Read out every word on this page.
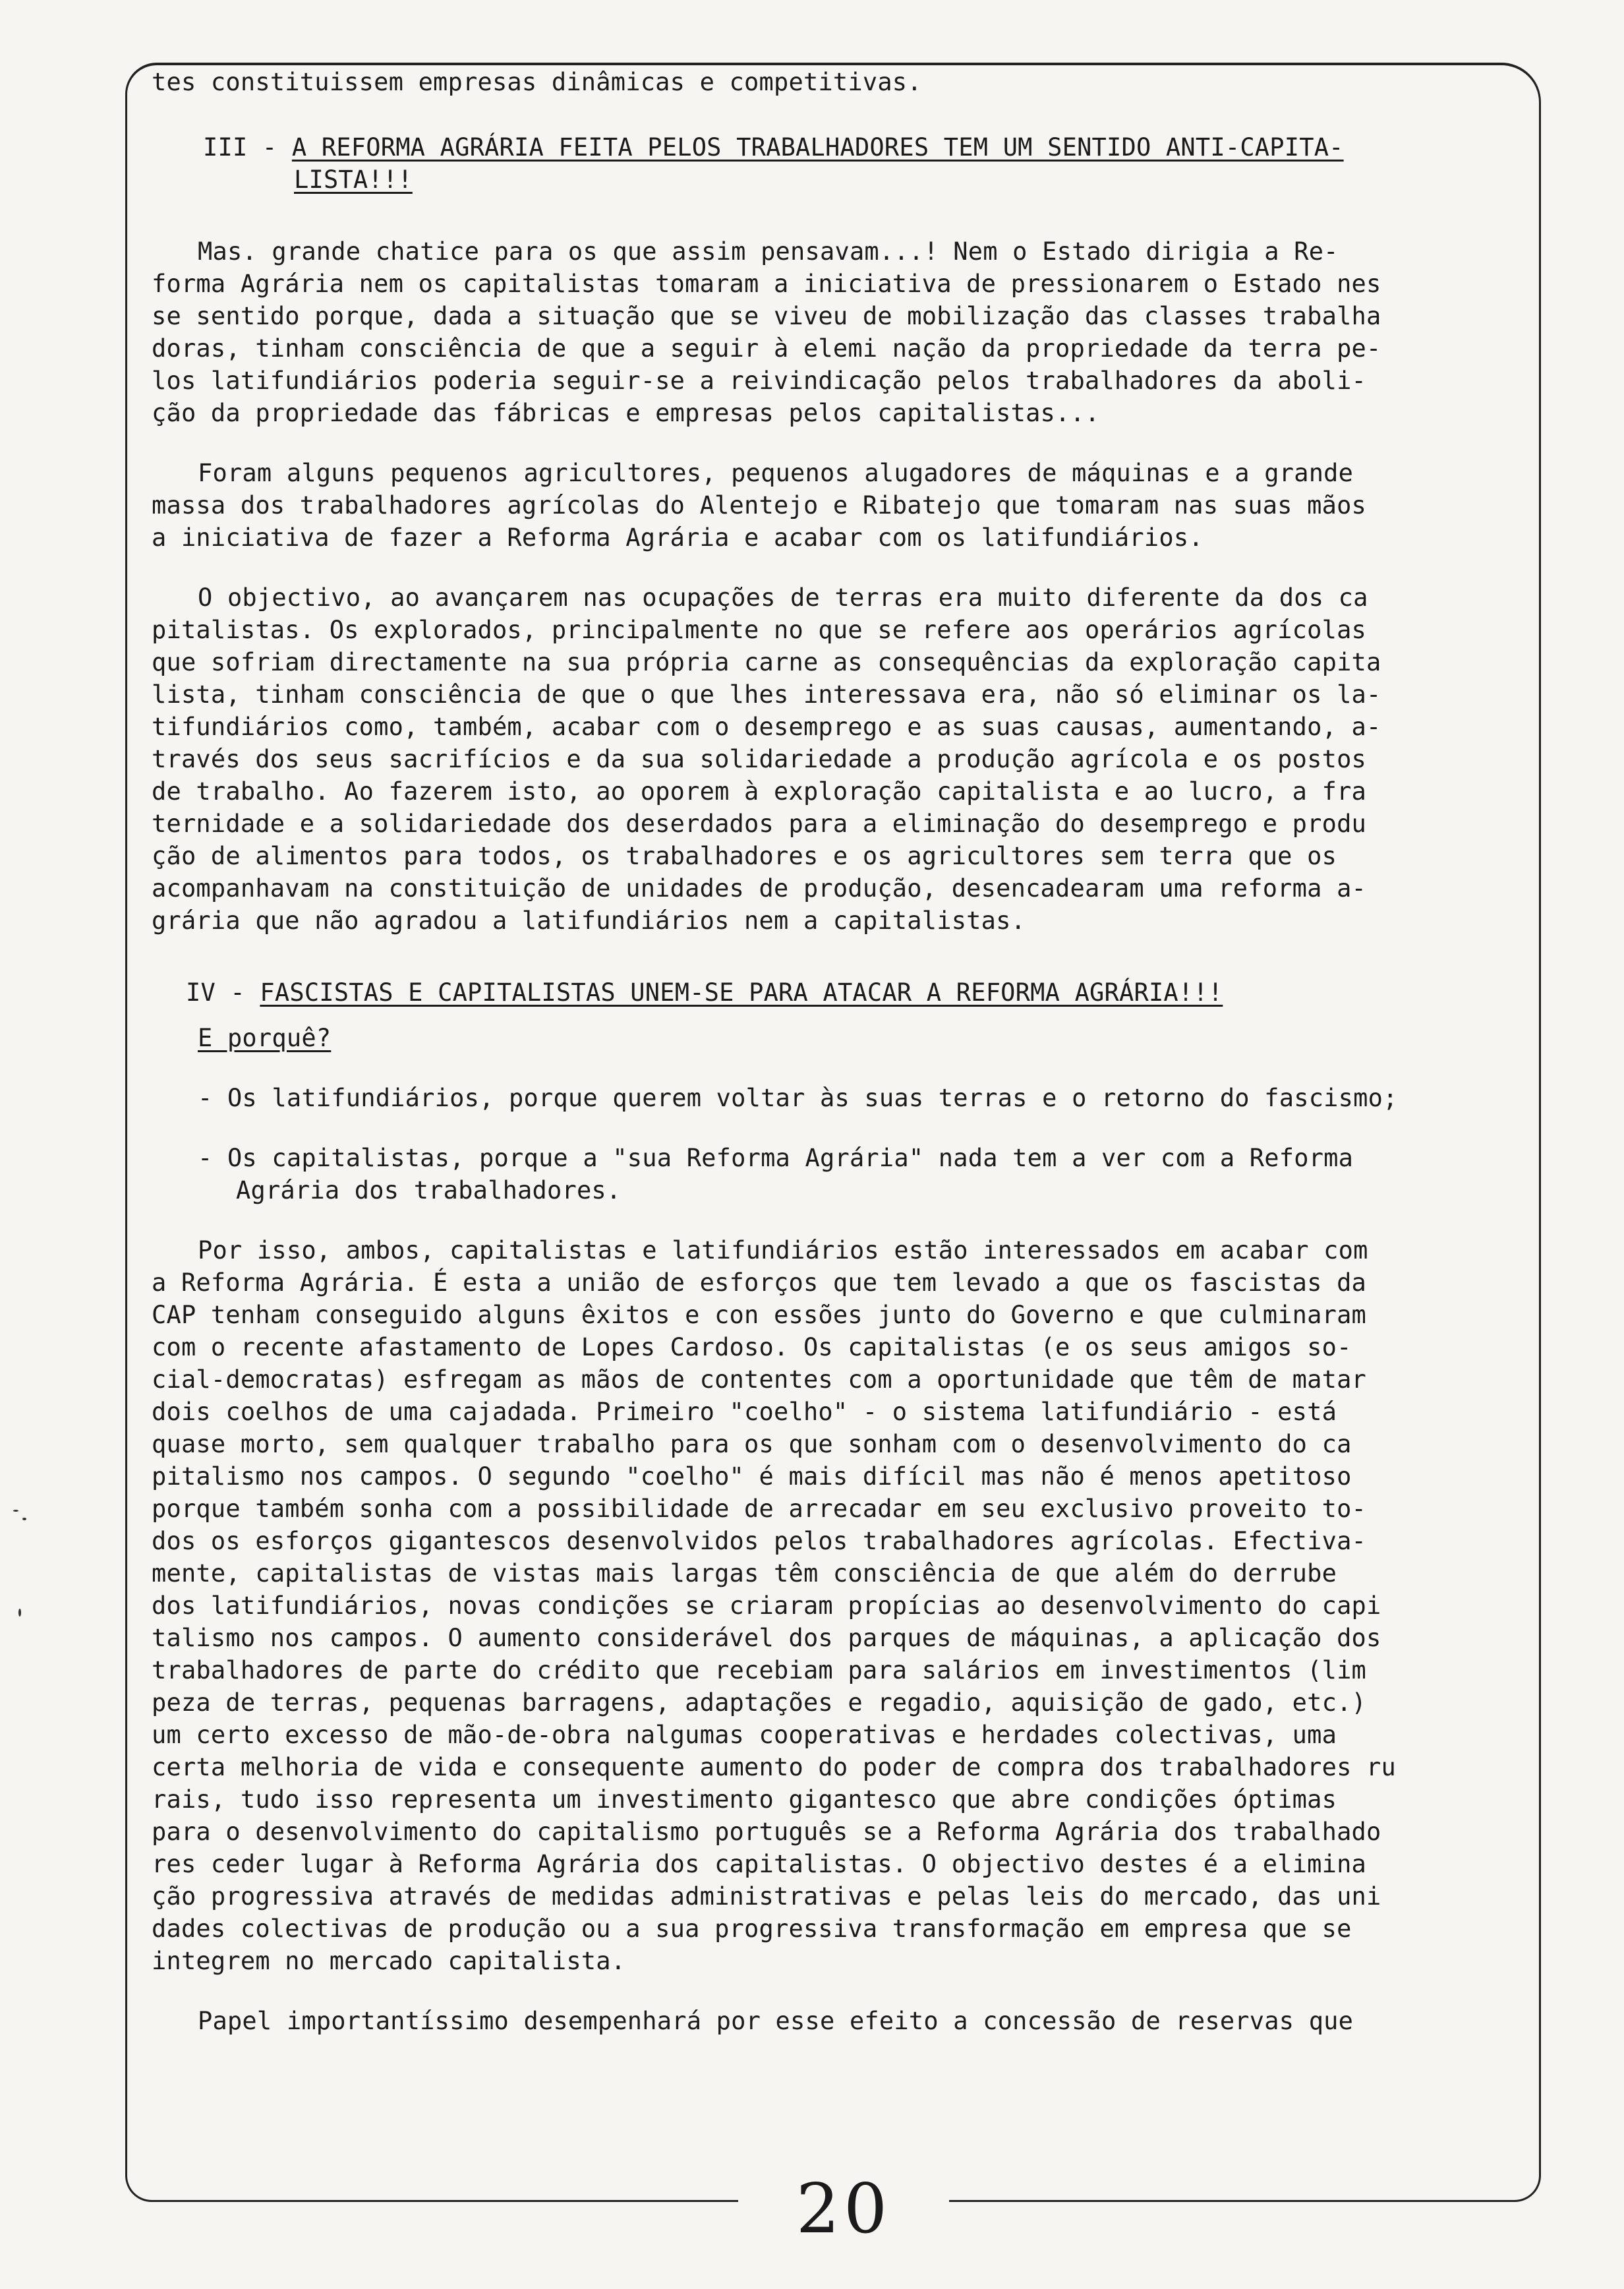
tes constituissem empresas dinâmicas e competitivas.
III - A REFORMA AGRÁRIA FEITA PELOS TRABALHADORES TEM UM SENTIDO ANTI-CAPITA-
LISTA!!!
Mas. grande chatice para os que assim pensavam...! Nem o Estado dirigia a Re-
forma Agrária nem os capitalistas tomaram a iniciativa de pressionarem o Estado nes
se sentido porque, dada a situação que se viveu de mobilização das classes trabalha
doras, tinham consciência de que a seguir à elemi nação da propriedade da terra pe-
los latifundiários poderia seguir-se a reivindicação pelos trabalhadores da aboli-
ção da propriedade das fábricas e empresas pelos capitalistas...
Foram alguns pequenos agricultores, pequenos alugadores de máquinas e a grande
massa dos trabalhadores agrícolas do Alentejo e Ribatejo que tomaram nas suas mãos
a iniciativa de fazer a Reforma Agrária e acabar com os latifundiários.
O objectivo, ao avançarem nas ocupações de terras era muito diferente da dos ca
pitalistas. Os explorados, principalmente no que se refere aos operários agrícolas
que sofriam directamente na sua própria carne as consequências da exploração capita
lista, tinham consciência de que o que lhes interessava era, não só eliminar os la-
tifundiários como, também, acabar com o desemprego e as suas causas, aumentando, a-
través dos seus sacrifícios e da sua solidariedade a produção agrícola e os postos
de trabalho. Ao fazerem isto, ao oporem à exploração capitalista e ao lucro, a fra
ternidade e a solidariedade dos deserdados para a eliminação do desemprego e produ
ção de alimentos para todos, os trabalhadores e os agricultores sem terra que os
acompanhavam na constituição de unidades de produção, desencadearam uma reforma a-
grária que não agradou a latifundiários nem a capitalistas.
IV - FASCISTAS E CAPITALISTAS UNEM-SE PARA ATACAR A REFORMA AGRÁRIA!!!
E porquê?
- Os latifundiários, porque querem voltar às suas terras e o retorno do fascismo;
- Os capitalistas, porque a "sua Reforma Agrária" nada tem a ver com a Reforma
Agrária dos trabalhadores.
Por isso, ambos, capitalistas e latifundiários estão interessados em acabar com
a Reforma Agrária. É esta a união de esforços que tem levado a que os fascistas da
CAP tenham conseguido alguns êxitos e con essões junto do Governo e que culminaram
com o recente afastamento de Lopes Cardoso. Os capitalistas (e os seus amigos so-
cial-democratas) esfregam as mãos de contentes com a oportunidade que têm de matar
dois coelhos de uma cajadada. Primeiro "coelho" - o sistema latifundiário - está
quase morto, sem qualquer trabalho para os que sonham com o desenvolvimento do ca
pitalismo nos campos. O segundo "coelho" é mais difícil mas não é menos apetitoso
porque também sonha com a possibilidade de arrecadar em seu exclusivo proveito to-
dos os esforços gigantescos desenvolvidos pelos trabalhadores agrícolas. Efectiva-
mente, capitalistas de vistas mais largas têm consciência de que além do derrube
dos latifundiários, novas condições se criaram propícias ao desenvolvimento do capi
talismo nos campos. O aumento considerável dos parques de máquinas, a aplicação dos
trabalhadores de parte do crédito que recebiam para salários em investimentos (lim
peza de terras, pequenas barragens, adaptações e regadio, aquisição de gado, etc.)
um certo excesso de mão-de-obra nalgumas cooperativas e herdades colectivas, uma
certa melhoria de vida e consequente aumento do poder de compra dos trabalhadores ru
rais, tudo isso representa um investimento gigantesco que abre condições óptimas
para o desenvolvimento do capitalismo português se a Reforma Agrária dos trabalhado
res ceder lugar à Reforma Agrária dos capitalistas. O objectivo destes é a elimina
ção progressiva através de medidas administrativas e pelas leis do mercado, das uni
dades colectivas de produção ou a sua progressiva transformação em empresa que se
integrem no mercado capitalista.
Papel importantíssimo desempenhará por esse efeito a concessão de reservas que
20
